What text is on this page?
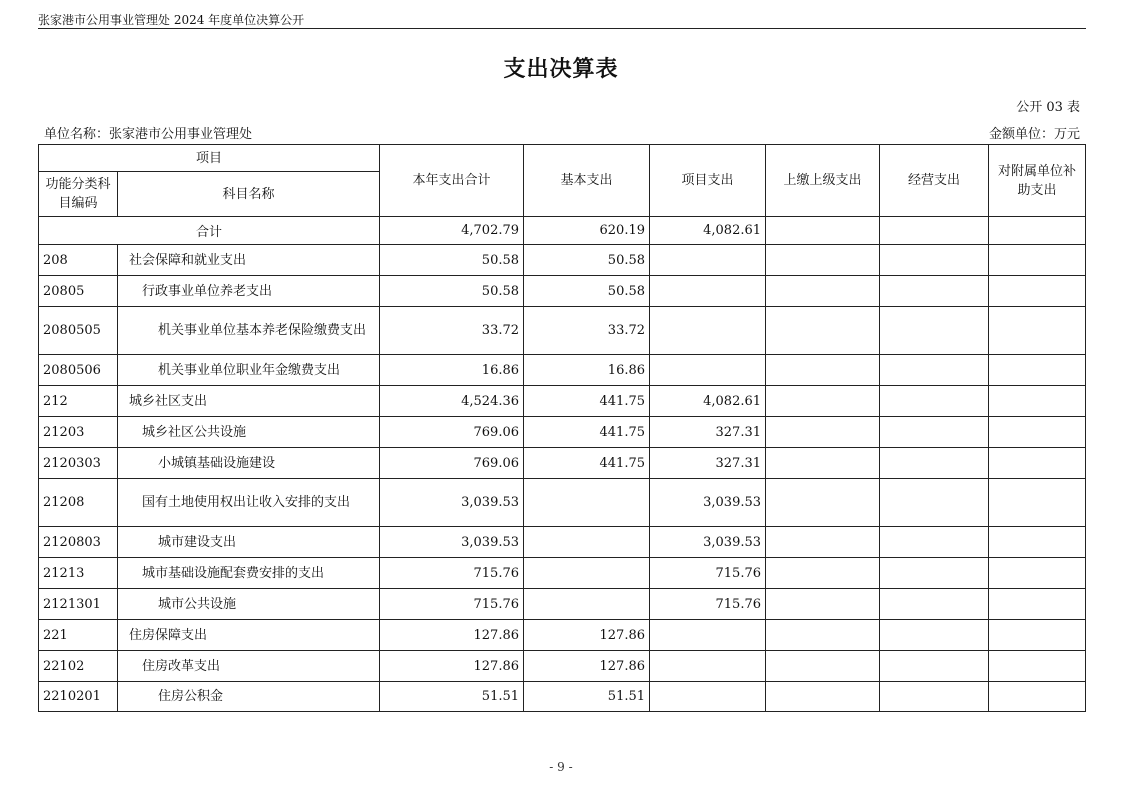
张家港市公用事业管理处 2024 年度单位决算公开
支出决算表
公开 03 表
单位名称：张家港市公用事业管理处	金额单位：万元
项目		本年支出合计	基本支出	项目支出	上缴上级支出	经营支出	对附属单位补助支出
功能分类科目编码	科目名称						
合计		4,702.79	620.19	4,082.61			
208	社会保障和就业支出	50.58	50.58				
20805	行政事业单位养老支出	50.58	50.58				
2080505	机关事业单位基本养老保险缴费支出	33.72	33.72				
2080506	机关事业单位职业年金缴费支出	16.86	16.86				
212	城乡社区支出	4,524.36	441.75	4,082.61			
21203	城乡社区公共设施	769.06	441.75	327.31			
2120303	小城镇基础设施建设	769.06	441.75	327.31			
21208	国有土地使用权出让收入安排的支出	3,039.53		3,039.53			
2120803	城市建设支出	3,039.53		3,039.53			
21213	城市基础设施配套费安排的支出	715.76		715.76			
2121301	城市公共设施	715.76		715.76			
221	住房保障支出	127.86	127.86				
22102	住房改革支出	127.86	127.86				
2210201	住房公积金	51.51	51.51				
- 9 -
